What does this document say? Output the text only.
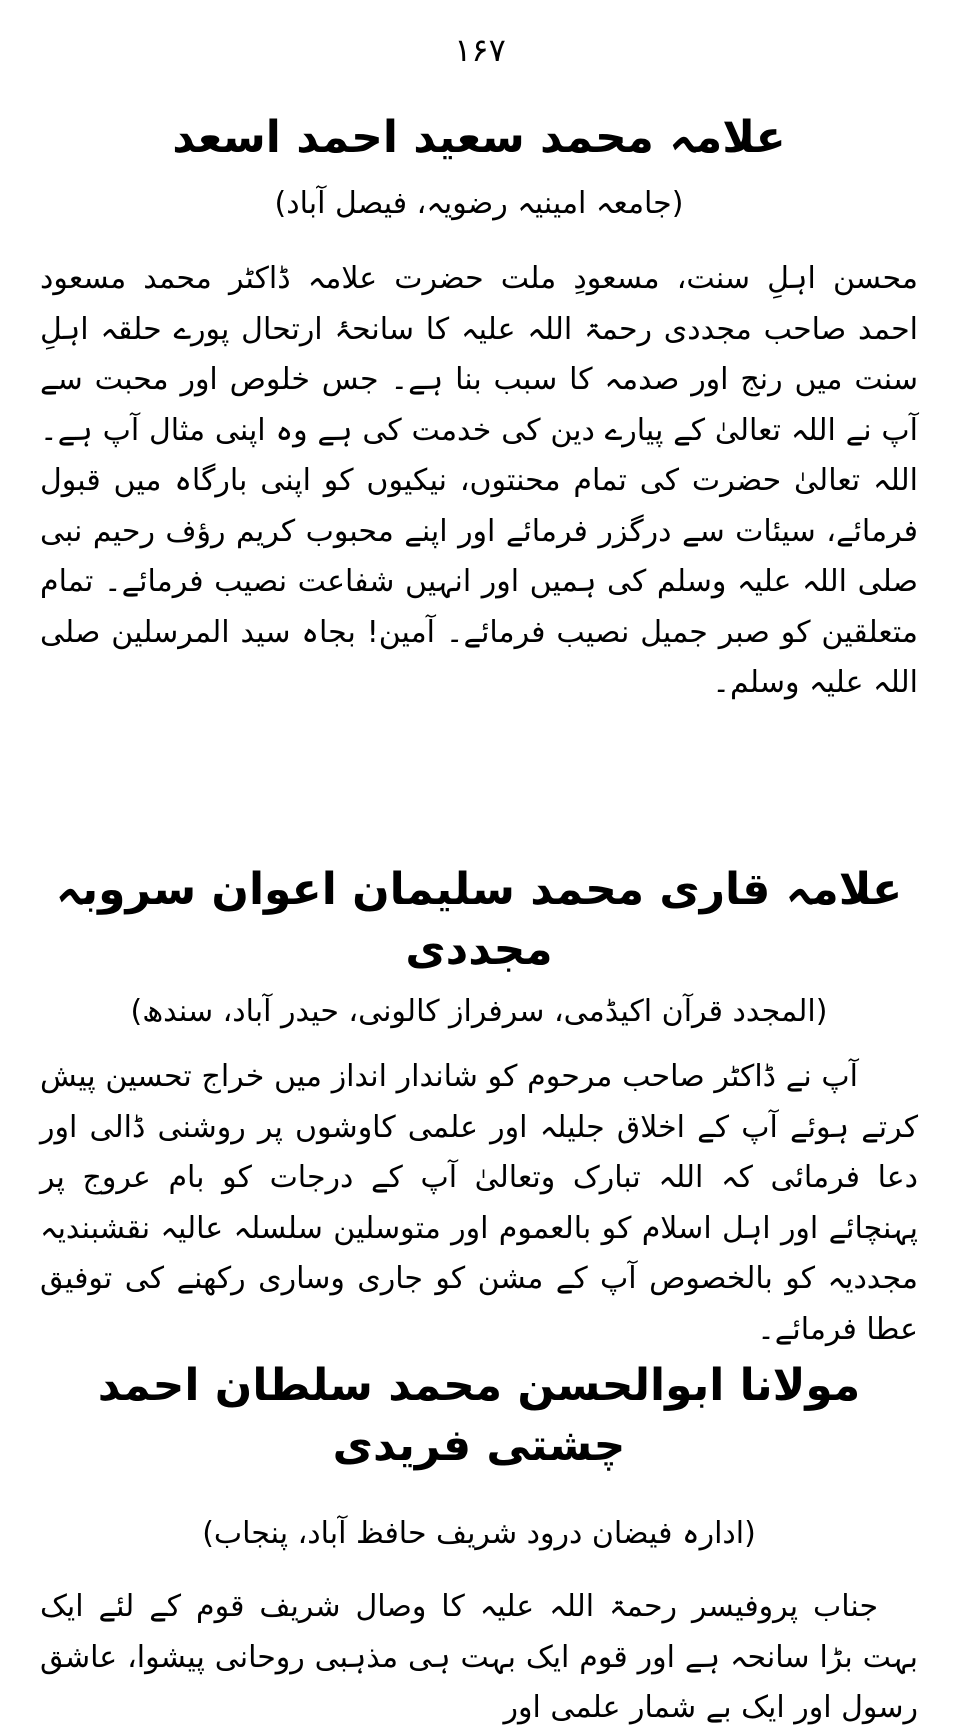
۱۶۷
علامہ محمد سعید احمد اسعد

(جامعہ امینیہ رضویہ، فیصل آباد)

محسن اہلِ سنت، مسعودِ ملت حضرت علامہ ڈاکٹر محمد مسعود احمد صاحب مجددی رحمۃ اللہ علیہ کا سانحۂ ارتحال پورے حلقہ اہلِ سنت میں رنج اور صدمہ کا سبب بنا ہے۔ جس خلوص اور محبت سے آپ نے اللہ تعالیٰ کے پیارے دین کی خدمت کی ہے وہ اپنی مثال آپ ہے۔ اللہ تعالیٰ حضرت کی تمام محنتوں، نیکیوں کو اپنی بارگاہ میں قبول فرمائے، سیئات سے درگزر فرمائے اور اپنے محبوب کریم رؤف رحیم نبی صلی اللہ علیہ وسلم کی ہمیں اور انہیں شفاعت نصیب فرمائے۔ تمام متعلقین کو صبر جمیل نصیب فرمائے۔ آمین! بجاہ سید المرسلین صلی اللہ علیہ وسلم۔

علامہ قاری محمد سلیمان اعوان سروبہ مجددی

(المجدد قرآن اکیڈمی، سرفراز کالونی، حیدر آباد، سندھ)

آپ نے ڈاکٹر صاحب مرحوم کو شاندار انداز میں خراج تحسین پیش کرتے ہوئے آپ کے اخلاق جلیلہ اور علمی کاوشوں پر روشنی ڈالی اور دعا فرمائی کہ اللہ تبارک وتعالیٰ آپ کے درجات کو بام عروج پر پہنچائے اور اہل اسلام کو بالعموم اور متوسلین سلسلہ عالیہ نقشبندیہ مجددیہ کو بالخصوص آپ کے مشن کو جاری وساری رکھنے کی توفیق عطا فرمائے۔

مولانا ابوالحسن محمد سلطان احمد چشتی فریدی

(ادارہ فیضان درود شریف حافظ آباد، پنجاب)

جناب پروفیسر رحمۃ اللہ علیہ کا وصال شریف قوم کے لئے ایک بہت بڑا سانحہ ہے اور قوم ایک بہت ہی مذہبی روحانی پیشوا، عاشق رسول اور ایک بے شمار علمی اور
